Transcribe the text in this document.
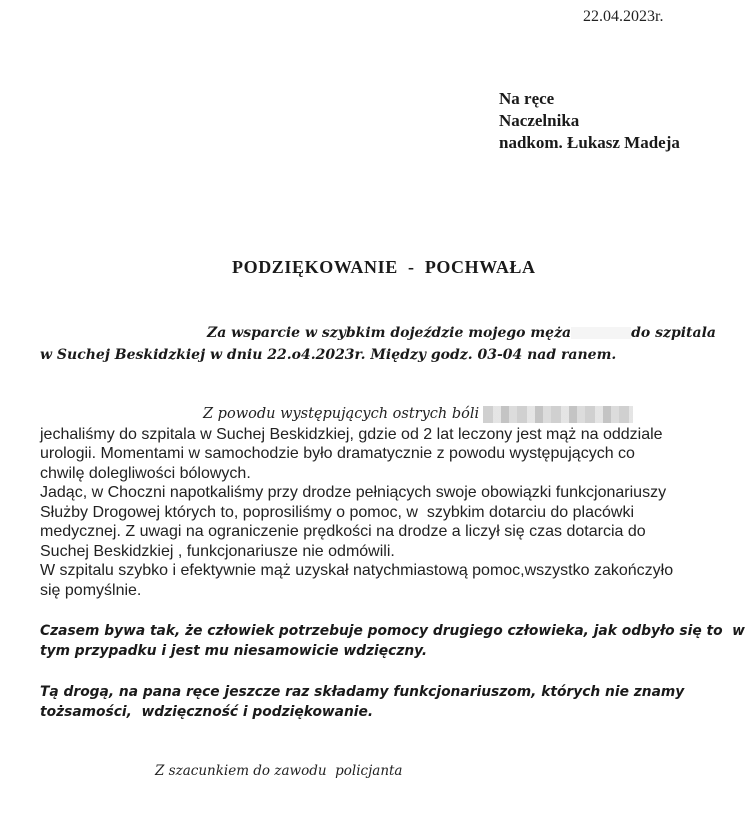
22.04.2023r.
Na ręce
Naczelnika
nadkom. Łukasz Madeja
PODZIĘKOWANIE  -  POCHWAŁA
Za wsparcie w szybkim dojeździe mojego męża	do szpitala
w Suchej Beskidzkiej w dniu 22.o4.2023r. Między godz. 03-04 nad ranem.
Z powodu występujących ostrych bóli
jechaliśmy do szpitala w Suchej Beskidzkiej, gdzie od 2 lat leczony jest mąż na oddziale
urologii. Momentami w samochodzie było dramatycznie z powodu występujących co
chwilę dolegliwości bólowych.
Jadąc, w Choczni napotkaliśmy przy drodze pełniących swoje obowiązki funkcjonariuszy
Służby Drogowej których to, poprosiliśmy o pomoc, w  szybkim dotarciu do placówki
medycznej. Z uwagi na ograniczenie prędkości na drodze a liczył się czas dotarcia do
Suchej Beskidzkiej , funkcjonariusze nie odmówili.
W szpitalu szybko i efektywnie mąż uzyskał natychmiastową pomoc,wszystko zakończyło
się pomyślnie.
Czasem bywa tak, że człowiek potrzebuje pomocy drugiego człowieka, jak odbyło się to  w
tym przypadku i jest mu niesamowicie wdzięczny.
Tą drogą, na pana ręce jeszcze raz składamy funkcjonariuszom, których nie znamy
tożsamości,  wdzięczność i podziękowanie.
Z szacunkiem do zawodu  policjanta
